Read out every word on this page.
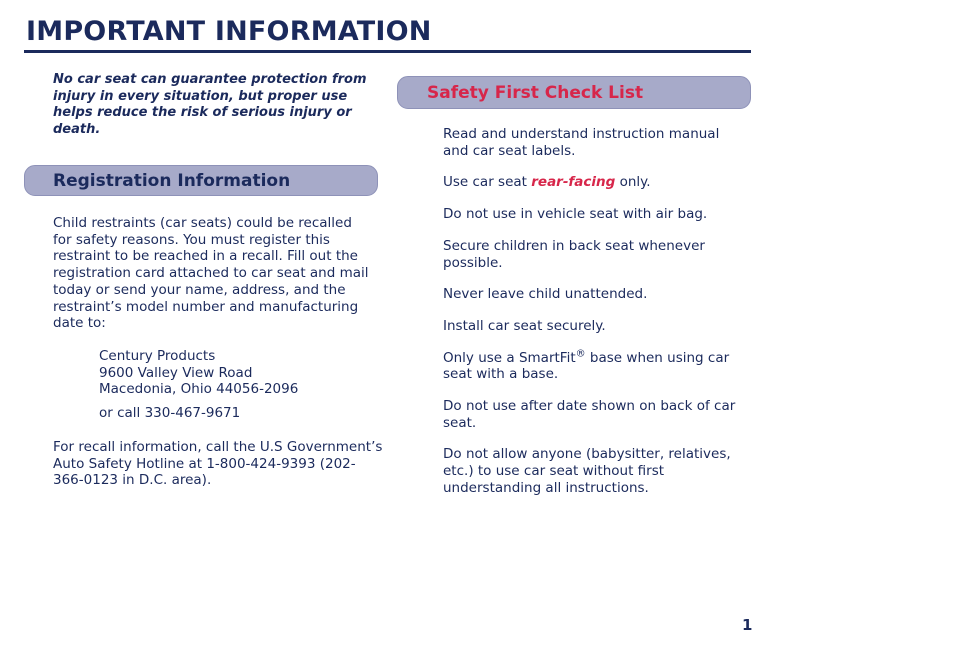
IMPORTANT INFORMATION
No car seat can guarantee protection from injury in every situation, but proper use helps reduce the risk of serious injury or death.
Registration Information
Child restraints (car seats) could be recalled for safety reasons. You must register this restraint to be reached in a recall. Fill out the registration card attached to car seat and mail today or send your name, address, and the restraint’s model number and manufacturing date to:
Century Products
9600 Valley View Road
Macedonia, Ohio 44056-2096
or call 330-467-9671
For recall information, call the U.S Government’s Auto Safety Hotline at 1-800-424-9393 (202-366-0123 in D.C. area).
Safety First Check List
Read and understand instruction manual and car seat labels.
Use car seat rear-facing only.
Do not use in vehicle seat with air bag.
Secure children in back seat whenever possible.
Never leave child unattended.
Install car seat securely.
Only use a SmartFit® base when using car seat with a base.
Do not use after date shown on back of car seat.
Do not allow anyone (babysitter, relatives, etc.) to use car seat without first understanding all instructions.
1
